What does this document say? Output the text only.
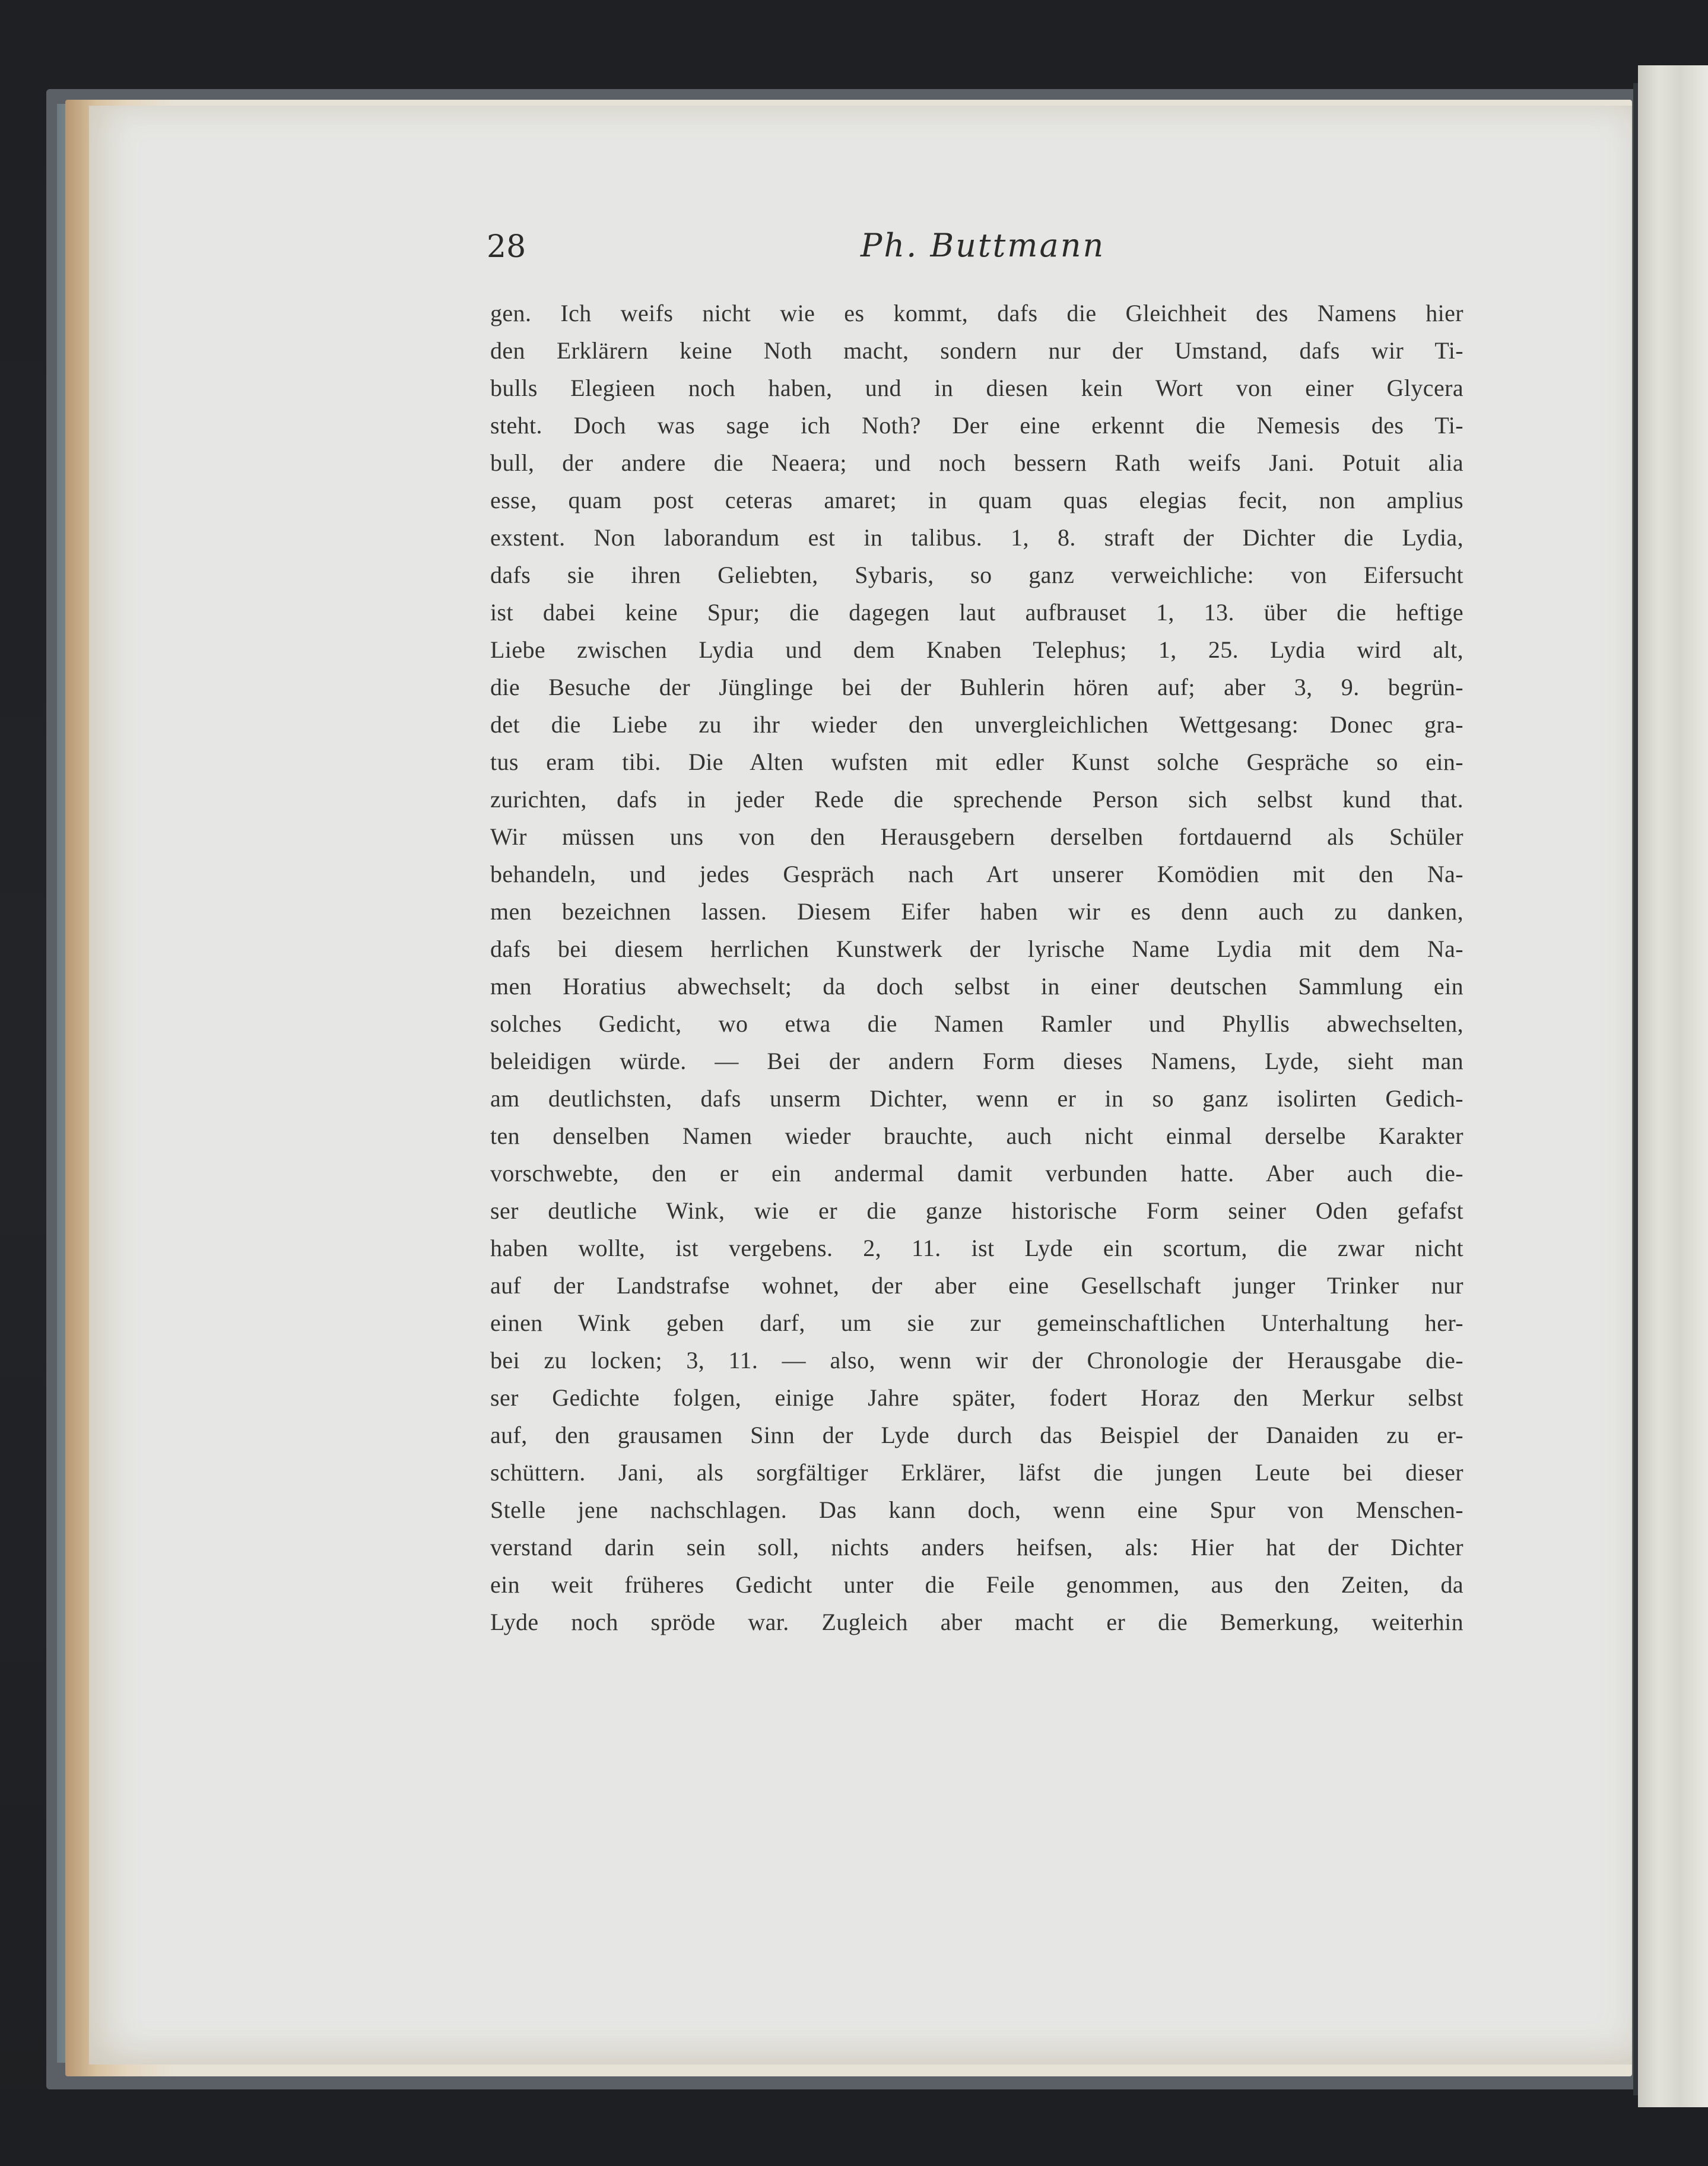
28	Ph. Buttmann
gen. Ich weifs nicht wie es kommt, dafs die Gleichheit des Namens hier
den Erklärern keine Noth macht, sondern nur der Umstand, dafs wir Ti-
bulls Elegieen noch haben, und in diesen kein Wort von einer Glycera
steht. Doch was sage ich Noth? Der eine erkennt die Nemesis des Ti-
bull, der andere die Neaera; und noch bessern Rath weifs Jani. Potuit alia
esse, quam post ceteras amaret; in quam quas elegias fecit, non amplius
exstent. Non laborandum est in talibus. 1, 8. straft der Dichter die Lydia,
dafs sie ihren Geliebten, Sybaris, so ganz verweichliche: von Eifersucht
ist dabei keine Spur; die dagegen laut aufbrauset 1, 13. über die heftige
Liebe zwischen Lydia und dem Knaben Telephus; 1, 25. Lydia wird alt,
die Besuche der Jünglinge bei der Buhlerin hören auf; aber 3, 9. begrün-
det die Liebe zu ihr wieder den unvergleichlichen Wettgesang: Donec gra-
tus eram tibi. Die Alten wufsten mit edler Kunst solche Gespräche so ein-
zurichten, dafs in jeder Rede die sprechende Person sich selbst kund that.
Wir müssen uns von den Herausgebern derselben fortdauernd als Schüler
behandeln, und jedes Gespräch nach Art unserer Komödien mit den Na-
men bezeichnen lassen. Diesem Eifer haben wir es denn auch zu danken,
dafs bei diesem herrlichen Kunstwerk der lyrische Name Lydia mit dem Na-
men Horatius abwechselt; da doch selbst in einer deutschen Sammlung ein
solches Gedicht, wo etwa die Namen Ramler und Phyllis abwechselten,
beleidigen würde. — Bei der andern Form dieses Namens, Lyde, sieht man
am deutlichsten, dafs unserm Dichter, wenn er in so ganz isolirten Gedich-
ten denselben Namen wieder brauchte, auch nicht einmal derselbe Karakter
vorschwebte, den er ein andermal damit verbunden hatte. Aber auch die-
ser deutliche Wink, wie er die ganze historische Form seiner Oden gefafst
haben wollte, ist vergebens. 2, 11. ist Lyde ein scortum, die zwar nicht
auf der Landstrafse wohnet, der aber eine Gesellschaft junger Trinker nur
einen Wink geben darf, um sie zur gemeinschaftlichen Unterhaltung her-
bei zu locken; 3, 11. — also, wenn wir der Chronologie der Herausgabe die-
ser Gedichte folgen, einige Jahre später, fodert Horaz den Merkur selbst
auf, den grausamen Sinn der Lyde durch das Beispiel der Danaiden zu er-
schüttern. Jani, als sorgfältiger Erklärer, läfst die jungen Leute bei dieser
Stelle jene nachschlagen. Das kann doch, wenn eine Spur von Menschen-
verstand darin sein soll, nichts anders heifsen, als: Hier hat der Dichter
ein weit früheres Gedicht unter die Feile genommen, aus den Zeiten, da
Lyde noch spröde war. Zugleich aber macht er die Bemerkung, weiterhin
